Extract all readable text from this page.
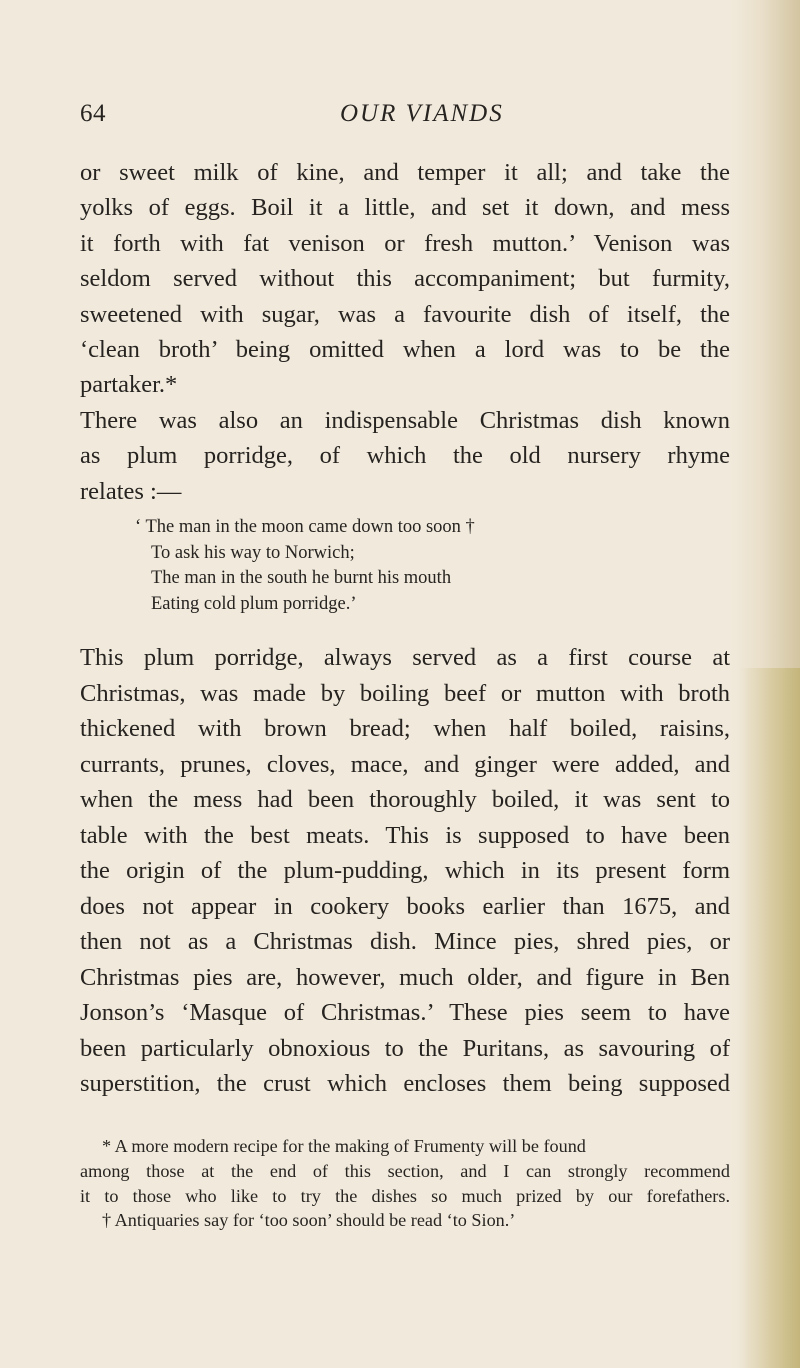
64	OUR VIANDS
or sweet milk of kine, and temper it all; and take the
yolks of eggs. Boil it a little, and set it down, and mess
it forth with fat venison or fresh mutton.’ Venison was
seldom served without this accompaniment; but furmity,
sweetened with sugar, was a favourite dish of itself, the
‘clean broth’ being omitted when a lord was to be the
partaker.*
There was also an indispensable Christmas dish known
as plum porridge, of which the old nursery rhyme
relates :—
‘ The man in the moon came down too soon †
To ask his way to Norwich;
The man in the south he burnt his mouth
Eating cold plum porridge.’
This plum porridge, always served as a first course at
Christmas, was made by boiling beef or mutton with broth
thickened with brown bread; when half boiled, raisins,
currants, prunes, cloves, mace, and ginger were added, and
when the mess had been thoroughly boiled, it was sent to
table with the best meats. This is supposed to have been
the origin of the plum-pudding, which in its present form
does not appear in cookery books earlier than 1675, and
then not as a Christmas dish. Mince pies, shred pies, or
Christmas pies are, however, much older, and figure in Ben
Jonson’s ‘Masque of Christmas.’ These pies seem to have
been particularly obnoxious to the Puritans, as savouring of
superstition, the crust which encloses them being supposed
* A more modern recipe for the making of Frumenty will be found
among those at the end of this section, and I can strongly recommend
it to those who like to try the dishes so much prized by our forefathers.
† Antiquaries say for ‘too soon’ should be read ‘to Sion.’
